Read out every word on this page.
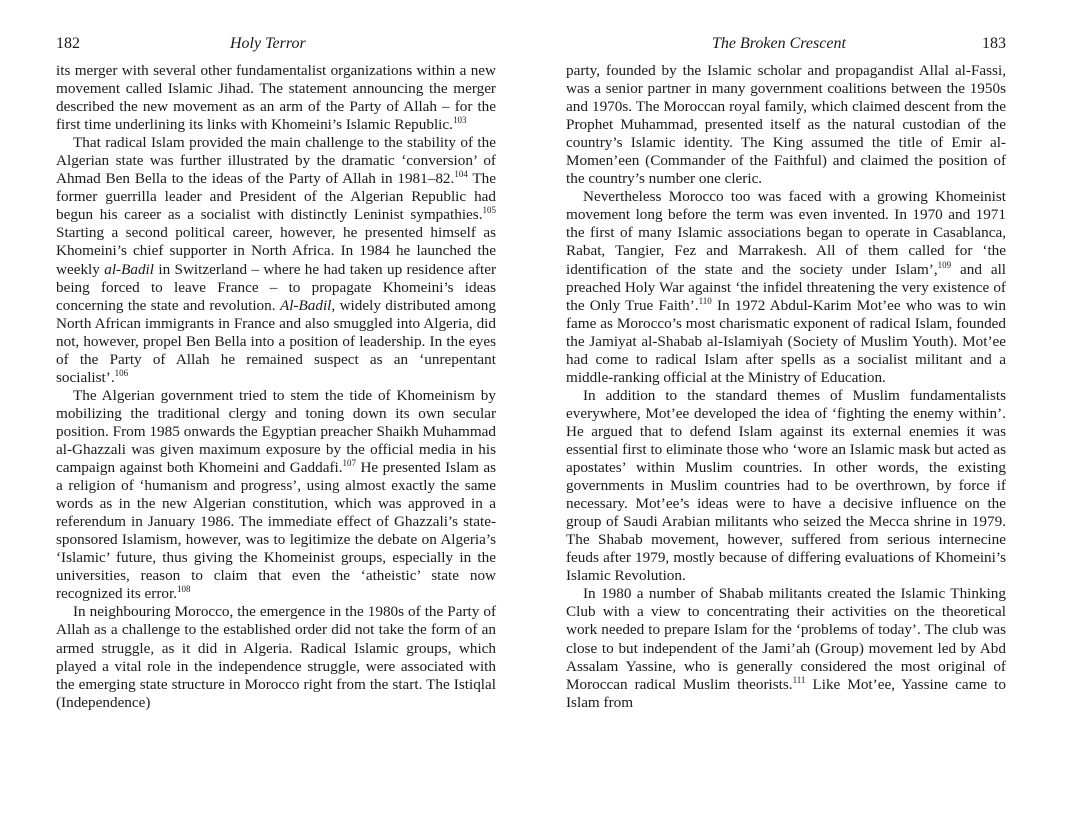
182	Holy Terror

its merger with several other fundamentalist organizations within a new movement called Islamic Jihad. The statement announcing the merger described the new movement as an arm of the Party of Allah – for the first time underlining its links with Khomeini’s Islamic Republic.$^{103}$

That radical Islam provided the main challenge to the stability of the Algerian state was further illustrated by the dramatic ‘conversion’ of Ahmad Ben Bella to the ideas of the Party of Allah in 1981–82.$^{104}$ The former guerrilla leader and President of the Algerian Republic had begun his career as a socialist with distinctly Leninist sympathies.$^{105}$ Starting a second political career, however, he presented himself as Khomeini’s chief supporter in North Africa. In 1984 he launched the weekly al-Badil in Switzerland – where he had taken up residence after being forced to leave France – to propagate Khomeini’s ideas concerning the state and revolution. Al-Badil, widely distributed among North African immigrants in France and also smuggled into Algeria, did not, however, propel Ben Bella into a position of leadership. In the eyes of the Party of Allah he remained suspect as an ‘unrepentant socialist’.$^{106}$

The Algerian government tried to stem the tide of Khomeinism by mobilizing the traditional clergy and toning down its own secular position. From 1985 onwards the Egyptian preacher Shaikh Muhammad al-Ghazzali was given maximum exposure by the official media in his campaign against both Khomeini and Gaddafi.$^{107}$ He presented Islam as a religion of ‘humanism and progress’, using almost exactly the same words as in the new Algerian constitution, which was approved in a referendum in January 1986. The immediate effect of Ghazzali’s state-sponsored Islamism, however, was to legitimize the debate on Algeria’s ‘Islamic’ future, thus giving the Khomeinist groups, especially in the universities, reason to claim that even the ‘atheistic’ state now recognized its error.$^{108}$

In neighbouring Morocco, the emergence in the 1980s of the Party of Allah as a challenge to the established order did not take the form of an armed struggle, as it did in Algeria. Radical Islamic groups, which played a vital role in the independence struggle, were associated with the emerging state structure in Morocco right from the start. The Istiqlal (Independence)

The Broken Crescent	183

party, founded by the Islamic scholar and propagandist Allal al-Fassi, was a senior partner in many government coalitions between the 1950s and 1970s. The Moroccan royal family, which claimed descent from the Prophet Muhammad, presented itself as the natural custodian of the country’s Islamic identity. The King assumed the title of Emir al-Momen’een (Commander of the Faithful) and claimed the position of the country’s number one cleric.

Nevertheless Morocco too was faced with a growing Khomeinist movement long before the term was even invented. In 1970 and 1971 the first of many Islamic associations began to operate in Casablanca, Rabat, Tangier, Fez and Marrakesh. All of them called for ‘the identification of the state and the society under Islam’,$^{109}$ and all preached Holy War against ‘the infidel threatening the very existence of the Only True Faith’.$^{110}$ In 1972 Abdul-Karim Mot’ee who was to win fame as Morocco’s most charismatic exponent of radical Islam, founded the Jamiyat al-Shabab al-Islamiyah (Society of Muslim Youth). Mot’ee had come to radical Islam after spells as a socialist militant and a middle-ranking official at the Ministry of Education.

In addition to the standard themes of Muslim fundamentalists everywhere, Mot’ee developed the idea of ‘fighting the enemy within’. He argued that to defend Islam against its external enemies it was essential first to eliminate those who ‘wore an Islamic mask but acted as apostates’ within Muslim countries. In other words, the existing governments in Muslim countries had to be overthrown, by force if necessary. Mot’ee’s ideas were to have a decisive influence on the group of Saudi Arabian militants who seized the Mecca shrine in 1979. The Shabab movement, however, suffered from serious internecine feuds after 1979, mostly because of differing evaluations of Khomeini’s Islamic Revolution.

In 1980 a number of Shabab militants created the Islamic Thinking Club with a view to concentrating their activities on the theoretical work needed to prepare Islam for the ‘problems of today’. The club was close to but independent of the Jami’ah (Group) movement led by Abd Assalam Yassine, who is generally considered the most original of Moroccan radical Muslim theorists.$^{111}$ Like Mot’ee, Yassine came to Islam from
